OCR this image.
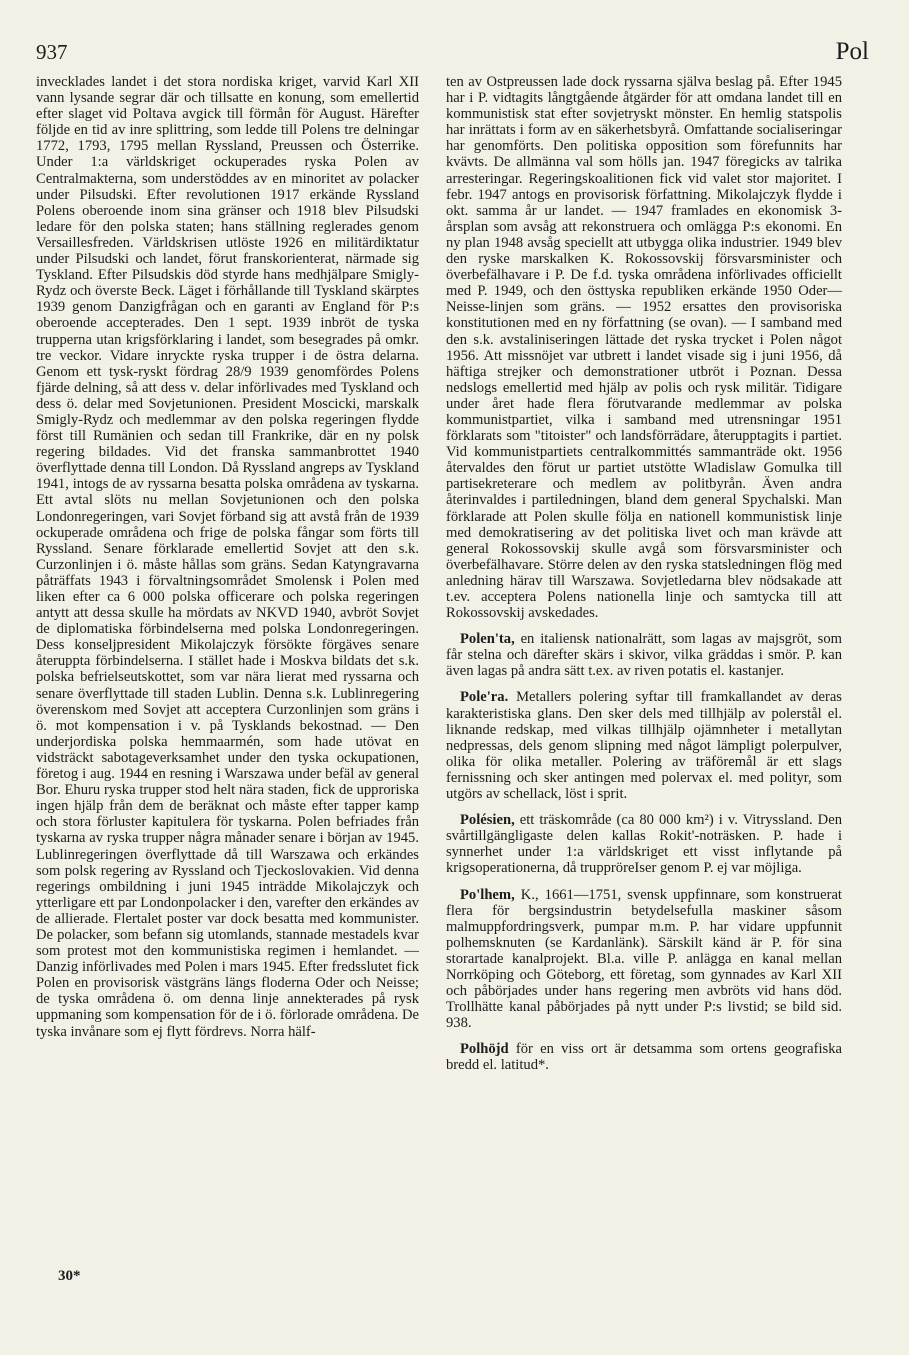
937	Pol

invecklades landet i det stora nordiska kriget, varvid Karl XII vann lysande segrar där och tillsatte en konung, som emellertid efter slaget vid Poltava avgick till förmån för August. Härefter följde en tid av inre splittring, som ledde till Polens tre delningar 1772, 1793, 1795 mellan Ryssland, Preussen och Österrike. Under 1:a världskriget ockuperades ryska Polen av Centralmakterna, som understöddes av en minoritet av polacker under Pilsudski. Efter revolutionen 1917 erkände Ryssland Polens oberoende inom sina gränser och 1918 blev Pilsudski ledare för den polska staten; hans ställning reglerades genom Versaillesfreden. Världskrisen utlöste 1926 en militärdiktatur under Pilsudski och landet, förut franskorienterat, närmade sig Tyskland. Efter Pilsudskis död styrde hans medhjälpare Smigly-Rydz och överste Beck. Läget i förhållande till Tyskland skärptes 1939 genom Danzigfrågan och en garanti av England för P:s oberoende accepterades. Den 1 sept. 1939 inbröt de tyska trupperna utan krigsförklaring i landet, som besegrades på omkr. tre veckor. Vidare inryckte ryska trupper i de östra delarna. Genom ett tysk-ryskt fördrag 28/9 1939 genomfördes Polens fjärde delning, så att dess v. delar införlivades med Tyskland och dess ö. delar med Sovjetunionen. President Moscicki, marskalk Smigly-Rydz och medlemmar av den polska regeringen flydde först till Rumänien och sedan till Frankrike, där en ny polsk regering bildades. Vid det franska sammanbrottet 1940 överflyttade denna till London. Då Ryssland angreps av Tyskland 1941, intogs de av ryssarna besatta polska områdena av tyskarna. Ett avtal slöts nu mellan Sovjetunionen och den polska Londonregeringen, vari Sovjet förband sig att avstå från de 1939 ockuperade områdena och frige de polska fångar som förts till Ryssland. Senare förklarade emellertid Sovjet att den s.k. Curzonlinjen i ö. måste hållas som gräns. Sedan Katyngravarna påträffats 1943 i förvaltningsområdet Smolensk i Polen med liken efter ca 6 000 polska officerare och polska regeringen antytt att dessa skulle ha mördats av NKVD 1940, avbröt Sovjet de diplomatiska förbindelserna med polska Londonregeringen. Dess konseljpresident Mikolajczyk försökte förgäves senare återuppta förbindelserna. I stället hade i Moskva bildats det s.k. polska befrielseutskottet, som var nära lierat med ryssarna och senare överflyttade till staden Lublin. Denna s.k. Lublinregering överenskom med Sovjet att acceptera Curzonlinjen som gräns i ö. mot kompensation i v. på Tysklands bekostnad. — Den underjordiska polska hemmaarmén, som hade utövat en vidsträckt sabotageverksamhet under den tyska ockupationen, företog i aug. 1944 en resning i Warszawa under befäl av general Bor. Ehuru ryska trupper stod helt nära staden, fick de upproriska ingen hjälp från dem de beräknat och måste efter tapper kamp och stora förluster kapitulera för tyskarna. Polen befriades från tyskarna av ryska trupper några månader senare i början av 1945. Lublinregeringen överflyttade då till Warszawa och erkändes som polsk regering av Ryssland och Tjeckoslovakien. Vid denna regerings ombildning i juni 1945 inträdde Mikolajczyk och ytterligare ett par Londonpolacker i den, varefter den erkändes av de allierade. Flertalet poster var dock besatta med kommunister. De polacker, som befann sig utomlands, stannade mestadels kvar som protest mot den kommunistiska regimen i hemlandet. — Danzig införlivades med Polen i mars 1945. Efter fredsslutet fick Polen en provisorisk västgräns längs floderna Oder och Neisse; de tyska områdena ö. om denna linje annekterades på rysk uppmaning som kompensation för de i ö. förlorade områdena. De tyska invånare som ej flytt fördrevs. Norra hälf-

ten av Ostpreussen lade dock ryssarna själva beslag på. Efter 1945 har i P. vidtagits långtgående åtgärder för att omdana landet till en kommunistisk stat efter sovjetryskt mönster. En hemlig statspolis har inrättats i form av en säkerhetsbyrå. Omfattande socialiseringar har genomförts. Den politiska opposition som förefunnits har kvävts. De allmänna val som hölls jan. 1947 föregicks av talrika arresteringar. Regeringskoalitionen fick vid valet stor majoritet. I febr. 1947 antogs en provisorisk författning. Mikolajczyk flydde i okt. samma år ur landet. — 1947 framlades en ekonomisk 3-årsplan som avsåg att rekonstruera och omlägga P:s ekonomi. En ny plan 1948 avsåg speciellt att utbygga olika industrier. 1949 blev den ryske marskalken K. Rokossovskij försvarsminister och överbefälhavare i P. De f.d. tyska områdena införlivades officiellt med P. 1949, och den östtyska republiken erkände 1950 Oder—Neisse-linjen som gräns. — 1952 ersattes den provisoriska konstitutionen med en ny författning (se ovan). — I samband med den s.k. avstaliniseringen lättade det ryska trycket i Polen något 1956. Att missnöjet var utbrett i landet visade sig i juni 1956, då häftiga strejker och demonstrationer utbröt i Poznan. Dessa nedslogs emellertid med hjälp av polis och rysk militär. Tidigare under året hade flera förutvarande medlemmar av polska kommunistpartiet, vilka i samband med utrensningar 1951 förklarats som "titoister" och landsförrädare, återupptagits i partiet. Vid kommunistpartiets centralkommittés sammanträde okt. 1956 återvaldes den förut ur partiet utstötte Wladislaw Gomulka till partisekreterare och medlem av politbyrån. Även andra återinvaldes i partiledningen, bland dem general Spychalski. Man förklarade att Polen skulle följa en nationell kommunistisk linje med demokratisering av det politiska livet och man krävde att general Rokossovskij skulle avgå som försvarsminister och överbefälhavare. Större delen av den ryska statsledningen flög med anledning härav till Warszawa. Sovjetledarna blev nödsakade att t.ev. acceptera Polens nationella linje och samtycka till att Rokossovskij avskedades.

Polen'ta, en italiensk nationalrätt, som lagas av majsgröt, som får stelna och därefter skärs i skivor, vilka gräddas i smör. P. kan även lagas på andra sätt t.ex. av riven potatis el. kastanjer.

Pole'ra. Metallers polering syftar till framkallandet av deras karakteristiska glans. Den sker dels med tillhjälp av polerstål el. liknande redskap, med vilkas tillhjälp ojämnheter i metallytan nedpressas, dels genom slipning med något lämpligt polerpulver, olika för olika metaller. Polering av träföremål är ett slags fernissning och sker antingen med polervax el. med polityr, som utgörs av schellack, löst i sprit.

Polésien, ett träskområde (ca 80 000 km²) i v. Vitryssland. Den svårtillgängligaste delen kallas Rokit'-noträsken. P. hade i synnerhet under 1:a världskriget ett visst inflytande på krigsoperationerna, då truppröreIser genom P. ej var möjliga.

Po'lhem, K., 1661—1751, svensk uppfinnare, som konstruerat flera för bergsindustrin betydelsefulla maskiner såsom malmuppfordringsverk, pumpar m.m. P. har vidare uppfunnit polhemsknuten (se Kardanlänk). Särskilt känd är P. för sina storartade kanalprojekt. Bl.a. ville P. anlägga en kanal mellan Norrköping och Göteborg, ett företag, som gynnades av Karl XII och påbörjades under hans regering men avbröts vid hans död. Trollhätte kanal påbörjades på nytt under P:s livstid; se bild sid. 938.

Polhöjd för en viss ort är detsamma som ortens geografiska bredd el. latitud*.

30*
